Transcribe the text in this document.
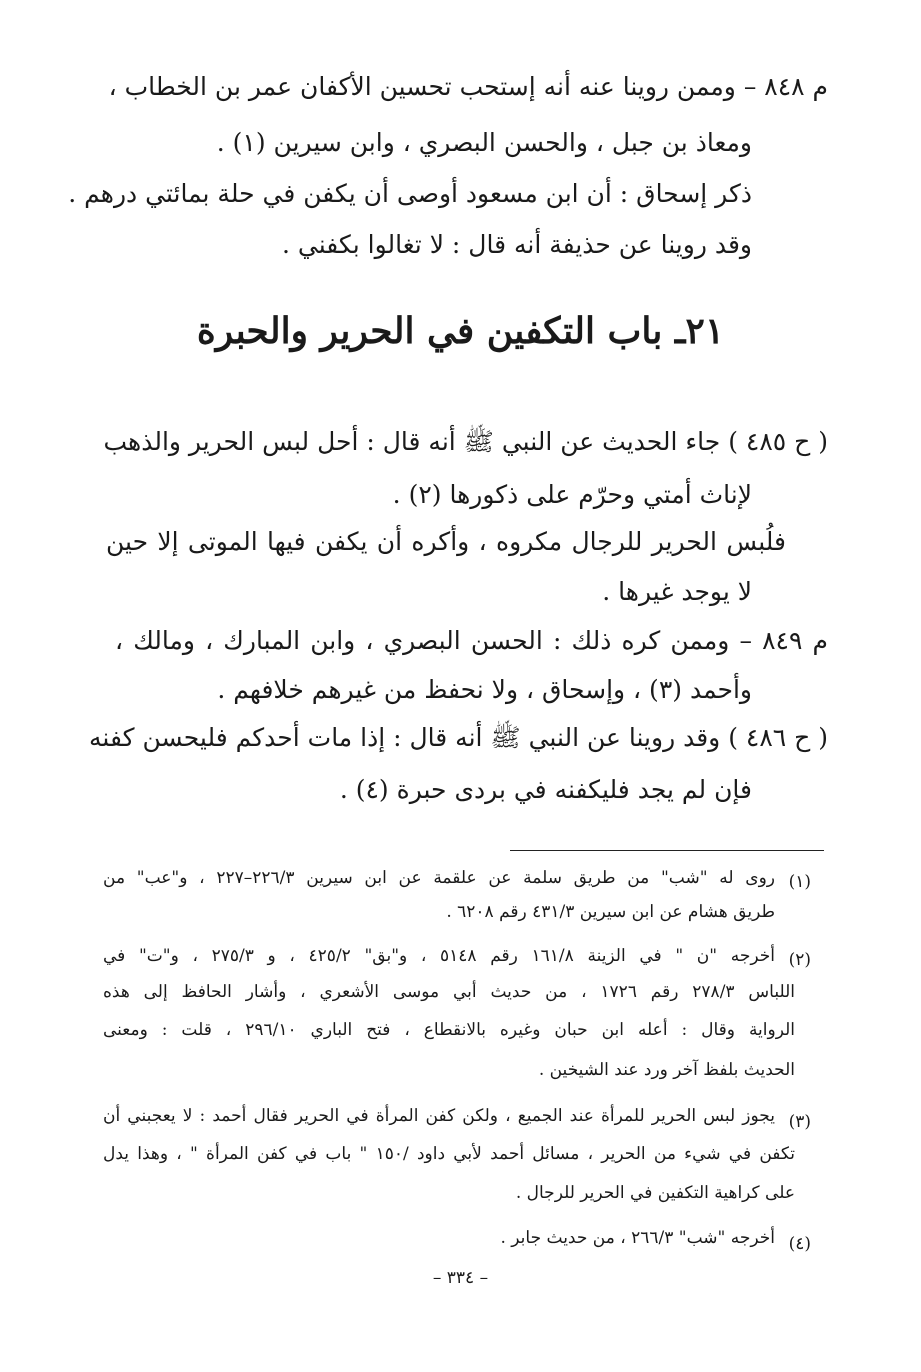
م ٨٤٨ – وممن روينا عنه أنه إستحب تحسين الأكفان عمر بن الخطاب ،
ومعاذ بن جبل ، والحسن البصري ، وابن سيرين (١) .
ذكر إسحاق : أن ابن مسعود أوصى أن يكفن في حلة بمائتي درهم .
وقد روينا عن حذيفة أنه قال : لا تغالوا بكفني .
٢١ـ باب التكفين في الحرير والحبرة
( ح ٤٨٥ ) جاء الحديث عن النبي ﷺ أنه قال : أحل لبس الحرير والذهب
لإناث أمتي وحرّم على ذكورها (٢) .
فلُبس الحرير للرجال مكروه ، وأكره أن يكفن فيها الموتى إلا حين
لا يوجد غيرها .
م ٨٤٩ – وممن كره ذلك : الحسن البصري ، وابن المبارك ، ومالك ،
وأحمد (٣) ، وإسحاق ، ولا نحفظ من غيرهم خلافهم .
( ح ٤٨٦ ) وقد روينا عن النبي ﷺ أنه قال : إذا مات أحدكم فليحسن كفنه
فإن لم يجد فليكفنه في بردى حبرة (٤) .
(١)
روى له "شب" من طريق سلمة عن علقمة عن ابن سيرين ٢٢٦/٣–٢٢٧ ، و"عب" من
طريق هشام عن ابن سيرين ٤٣١/٣ رقم ٦٢٠٨ .
(٢)
أخرجه "ن " في الزينة ١٦١/٨ رقم ٥١٤٨ ، و"بق" ٤٢٥/٢ ، و ٢٧٥/٣ ، و"ت" في
اللباس ٢٧٨/٣ رقم ١٧٢٦ ، من حديث أبي موسى الأشعري ، وأشار الحافظ إلى هذه
الرواية وقال : أعله ابن حبان وغيره بالانقطاع ، فتح الباري ٢٩٦/١٠ ، قلت : ومعنى
الحديث بلفظ آخر ورد عند الشيخين .
(٣)
يجوز لبس الحرير للمرأة عند الجميع ، ولكن كفن المرأة في الحرير فقال أحمد : لا يعجبني أن
تكفن في شيء من الحرير ، مسائل أحمد لأبي داود /١٥٠ " باب في كفن المرأة " ، وهذا يدل
على كراهية التكفين في الحرير للرجال .
(٤)
أخرجه "شب" ٢٦٦/٣ ، من حديث جابر .
– ٣٣٤ –
